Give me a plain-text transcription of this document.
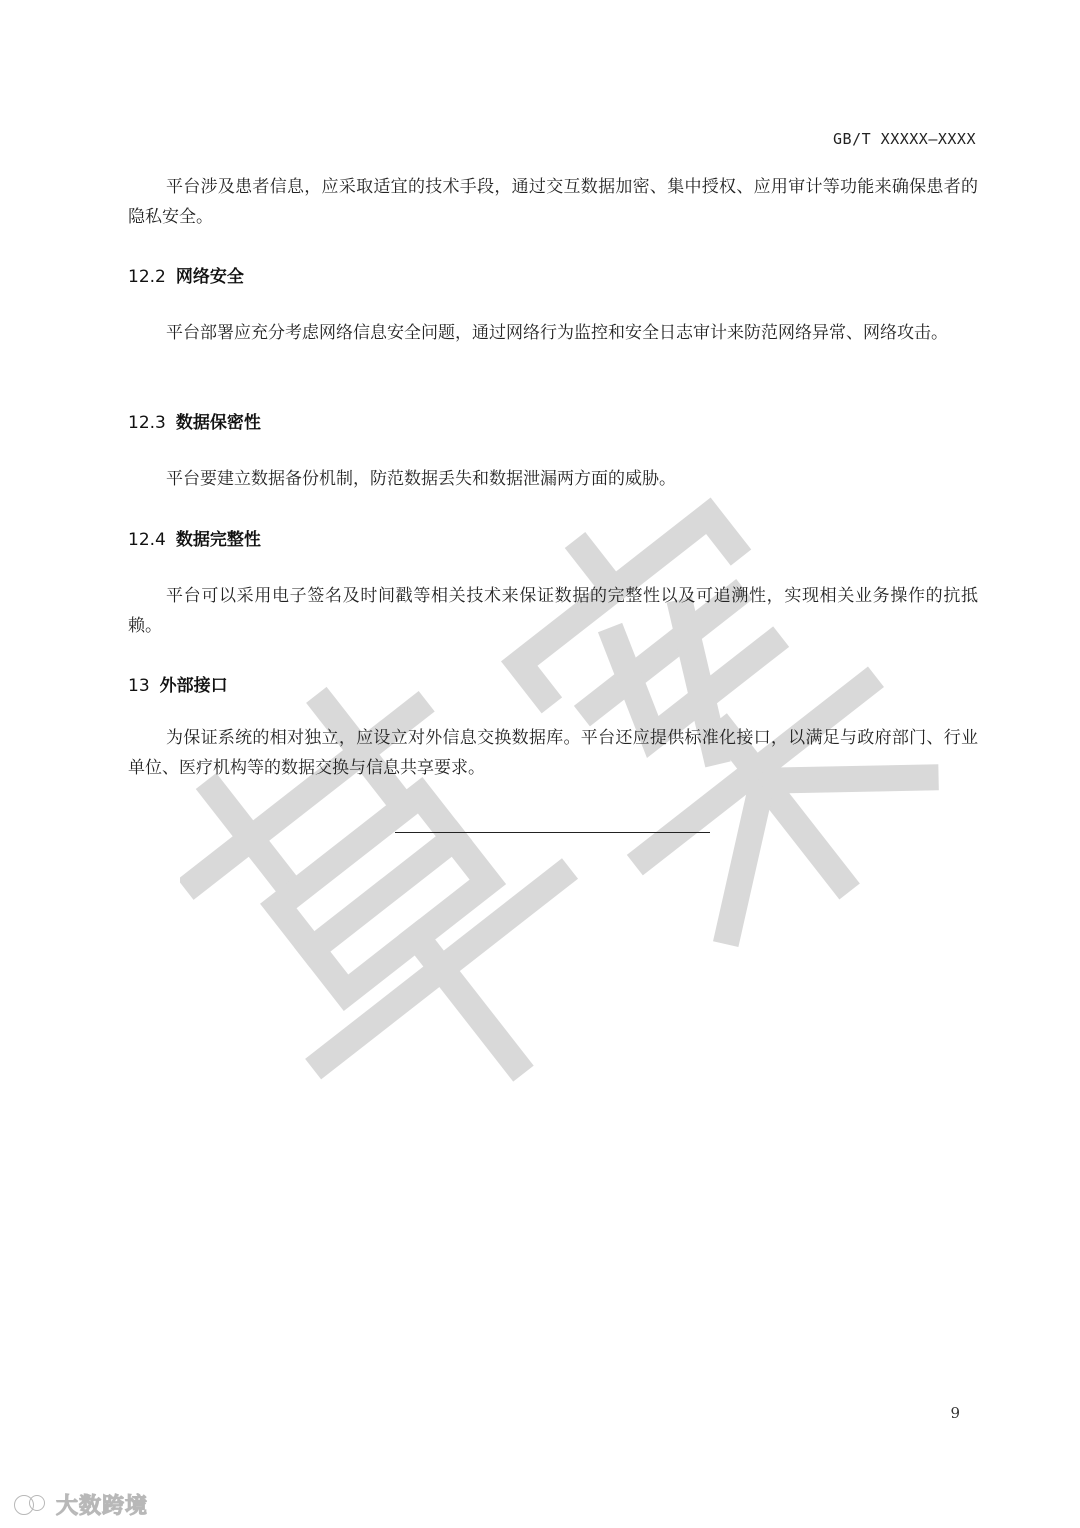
GB/T XXXXX—XXXX

平台涉及患者信息，应采取适宜的技术手段，通过交互数据加密、集中授权、应用审计等功能来确保患者的隐私安全。

12.2 网络安全

平台部署应充分考虑网络信息安全问题，通过网络行为监控和安全日志审计来防范网络异常、网络攻击。

12.3 数据保密性

平台要建立数据备份机制，防范数据丢失和数据泄漏两方面的威胁。

12.4 数据完整性

平台可以采用电子签名及时间戳等相关技术来保证数据的完整性以及可追溯性，实现相关业务操作的抗抵赖。

13 外部接口

为保证系统的相对独立，应设立对外信息交换数据库。平台还应提供标准化接口，以满足与政府部门、行业单位、医疗机构等的数据交换与信息共享要求。

9
大数跨境
